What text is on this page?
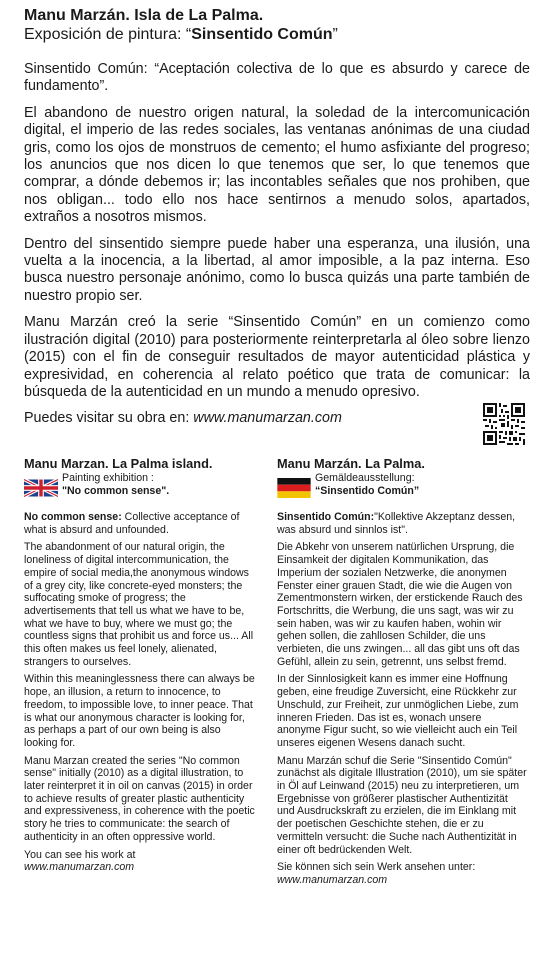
Manu Marzán. Isla de La Palma.
Exposición de pintura: “Sinsentido Común”

Sinsentido Común: “Aceptación colectiva de lo que es absurdo y carece de fundamento”.

El abandono de nuestro origen natural, la soledad de la intercomunicación digital, el imperio de las redes sociales, las ventanas anónimas de una ciudad gris, como los ojos de monstruos de cemento; el humo asfixiante del progreso; los anuncios que nos dicen lo que tenemos que ser, lo que tenemos que comprar, a dónde debemos ir; las incontables señales que nos prohiben, que nos obligan... todo ello nos hace sentirnos a menudo solos, apartados, extraños a nosotros mismos.

Dentro del sinsentido siempre puede haber una esperanza, una ilusión, una vuelta a la inocencia, a la libertad, al amor imposible, a la paz interna. Eso busca nuestro personaje anónimo, como lo busca quizás una parte también de nuestro propio ser.

Manu Marzán creó la serie “Sinsentido Común” en un comienzo como ilustración digital (2010) para posteriormente reinterpretarla al óleo sobre lienzo (2015) con el fin de conseguir resultados de mayor autenticidad plástica y expresividad, en coherencia al relato poético que trata de comunicar: la búsqueda de la autenticidad en un mundo a menudo opresivo.

Puedes visitar su obra en: www.manumarzan.com

Manu Marzan. La Palma island.
Painting exhibition :
"No common sense".

No common sense: Collective acceptance of what is absurd and unfounded.

The abandonment of our natural origin, the loneliness of digital intercommunication, the empire of social media,the anonymous windows of a grey city, like concrete-eyed monsters; the suffocating smoke of progress; the advertisements that tell us what we have to be, what we have to buy, where we must go; the countless signs that prohibit us and force us... All this often makes us feel lonely, alienated, strangers to ourselves.

Within this meaninglessness there can always be hope, an illusion, a return to innocence, to freedom, to impossible love, to inner peace. That is what our anonymous character is looking for, as perhaps a part of our own being is also looking for.

Manu Marzan created the series "No common sense" initially (2010) as a digital illustration, to later reinterpret it in oil on canvas (2015) in order to achieve results of greater plastic authenticity and expressiveness, in coherence with the poetic story he tries to communicate: the search of authenticity in an often oppressive world.

You can see his work at
www.manumarzan.com

Manu Marzán. La Palma.
Gemäldeausstellung:
“Sinsentido Común”

Sinsentido Común:"Kollektive Akzeptanz dessen, was absurd und sinnlos ist".

Die Abkehr von unserem natürlichen Ursprung, die Einsamkeit der digitalen Kommunikation, das Imperium der sozialen Netzwerke, die anonymen Fenster einer grauen Stadt, die wie die Augen von Zementmonstern wirken, der erstickende Rauch des Fortschritts, die Werbung, die uns sagt, was wir zu sein haben, was wir zu kaufen haben, wohin wir gehen sollen, die zahllosen Schilder, die uns verbieten, die uns zwingen... all das gibt uns oft das Gefühl, allein zu sein, getrennt, uns selbst fremd.

In der Sinnlosigkeit kann es immer eine Hoffnung geben, eine freudige Zuversicht, eine Rückkehr zur Unschuld, zur Freiheit, zur unmöglichen Liebe, zum inneren Frieden. Das ist es, wonach unsere anonyme Figur sucht, so wie vielleicht auch ein Teil unseres eigenen Wesens danach sucht.

Manu Marzán schuf die Serie "Sinsentido Común" zunächst als digitale Illustration (2010), um sie später in Öl auf Leinwand (2015) neu zu interpretieren, um Ergebnisse von größerer plastischer Authentizität und Ausdruckskraft zu erzielen, die im Einklang mit der poetischen Geschichte stehen, die er zu vermitteln versucht: die Suche nach Authentizität in einer oft bedrückenden Welt.

Sie können sich sein Werk ansehen unter:
www.manumarzan.com
